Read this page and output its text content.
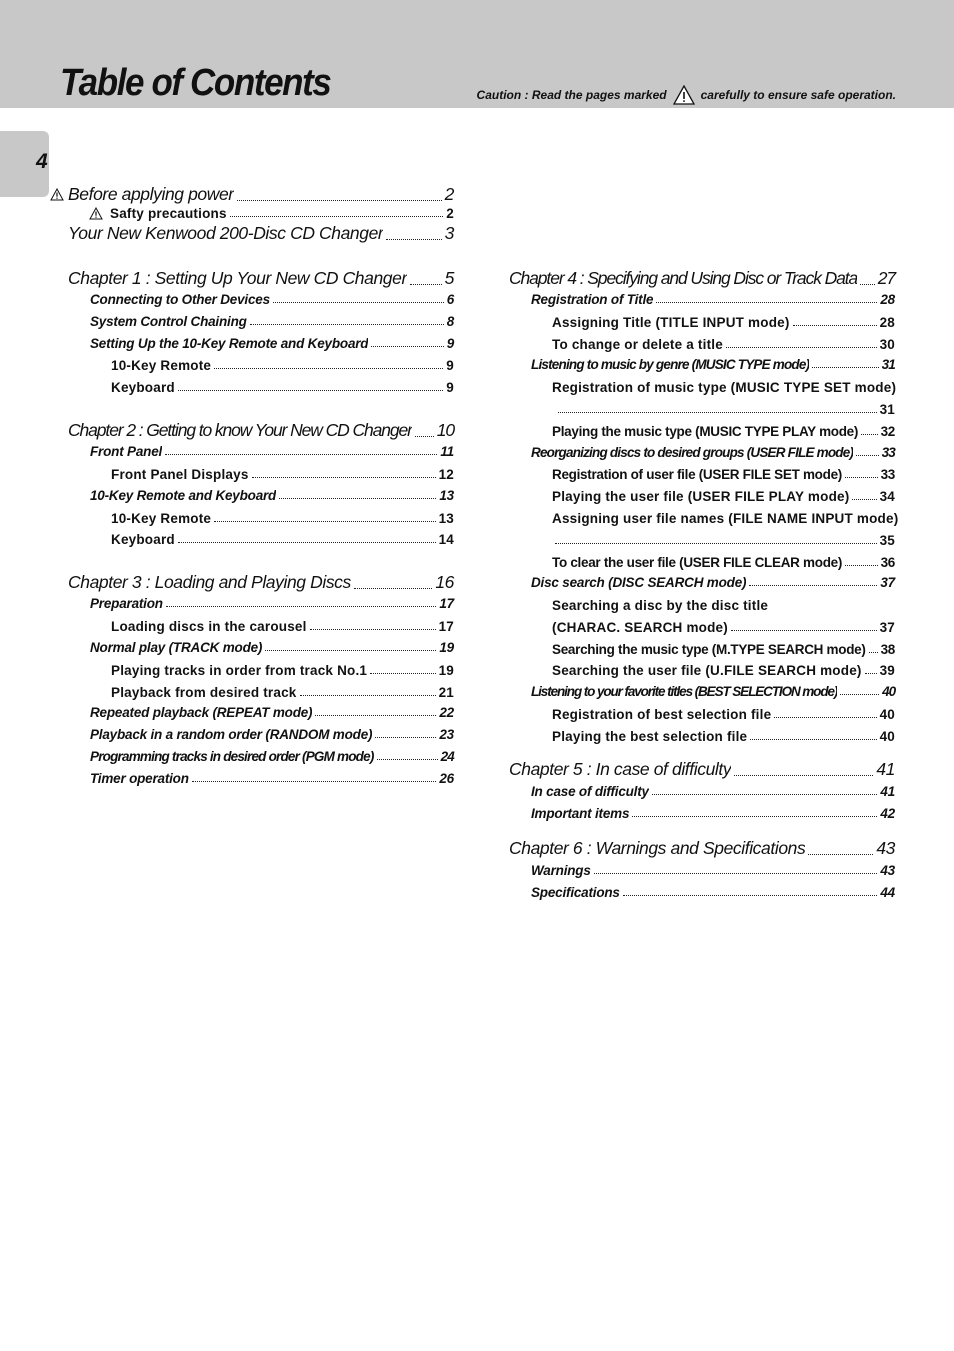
Table of Contents	Caution : Read the pages marked	carefully to ensure safe operation.
4
Before applying power	2
Safty precautions	2
Your New Kenwood 200-Disc CD Changer	3
Chapter 1 : Setting Up Your New CD Changer 5
Connecting to Other Devices	6
System Control Chaining	8
Setting Up the 10-Key Remote and Keyboard	9
10-Key Remote	9
Keyboard	9
Chapter 2 : Getting to know Your New CD Changer 10
Front Panel	11
Front Panel Displays	12
10-Key Remote and Keyboard	13
10-Key Remote	13
Keyboard	14
Chapter 3 : Loading and Playing Discs	16
Preparation	17
Loading discs in the carousel	17
Normal play (TRACK mode)	19
Playing tracks in order from track No.1	19
Playback from desired track	21
Repeated playback (REPEAT mode)	22
Playback in a random order (RANDOM mode)	23
Programming tracks in desired order (PGM mode)	24
Timer operation	26
Chapter 4 : Specifying and Using Disc or Track Data 27
Registration of Title	28
Assigning Title (TITLE INPUT mode)	28
To change or delete a title	30
Listening to music by genre (MUSIC TYPE mode)	31
Registration of music type (MUSIC TYPE SET mode)
31
Playing the music type (MUSIC TYPE PLAY mode) 32
Reorganizing discs to desired groups (USER FILE mode) 33
Registration of user file (USER FILE SET mode)	33
Playing the user file (USER FILE PLAY mode) 34
Assigning user file names (FILE NAME INPUT mode)
35
To clear the user file (USER FILE CLEAR mode)	36
Disc search (DISC SEARCH mode)	37
Searching a disc by the disc title
(CHARAC. SEARCH mode)	37
Searching the music type (M.TYPE SEARCH mode) 38
Searching the user file (U.FILE SEARCH mode) 39
Listening to your favorite titles (BEST SELECTION mode)	40
Registration of best selection file	40
Playing the best selection file	40
Chapter 5 : In case of difficulty	41
In case of difficulty	41
Important items	42
Chapter 6 : Warnings and Specifications	43
Warnings	43
Specifications	44
